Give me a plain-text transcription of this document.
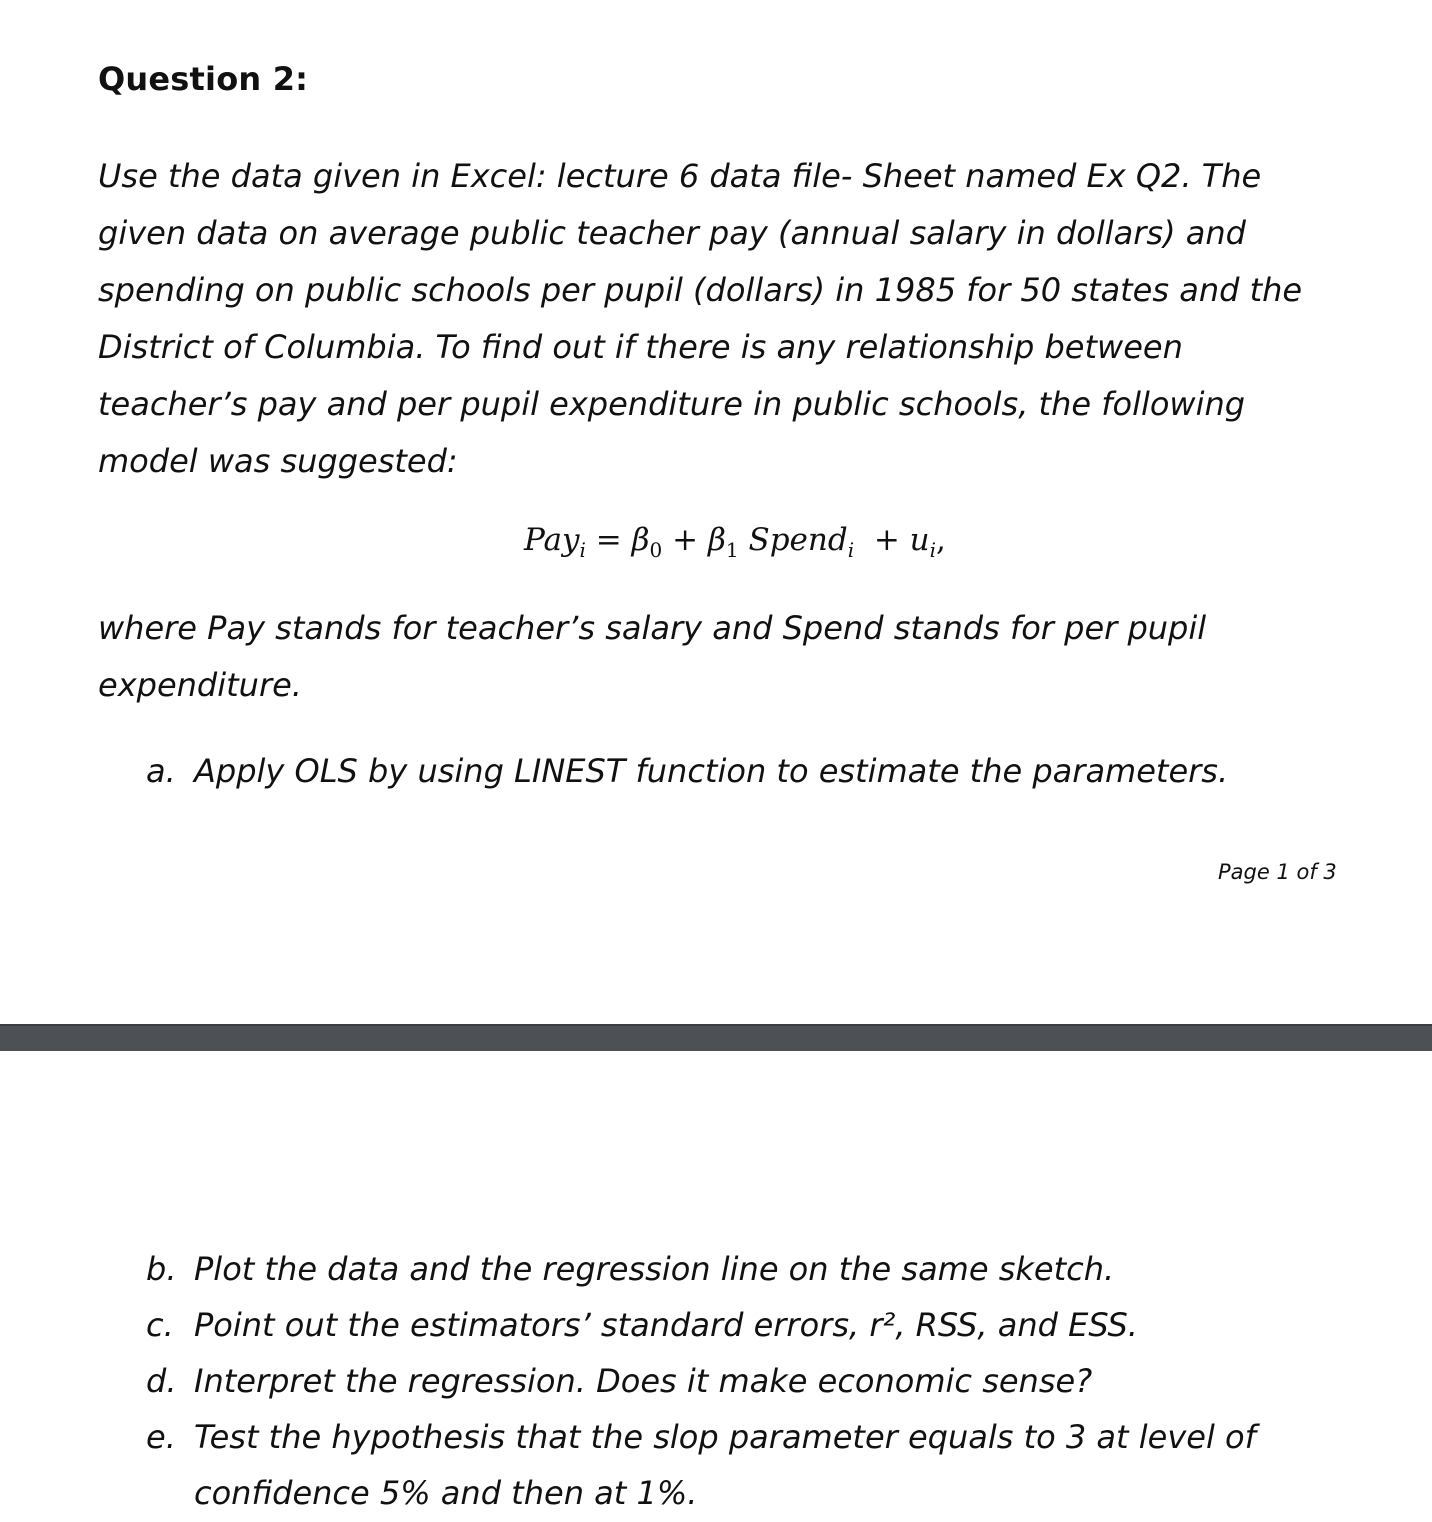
Question 2:
Use the data given in Excel: lecture 6 data file- Sheet named Ex Q2. The
given data on average public teacher pay (annual salary in dollars) and
spending on public schools per pupil (dollars) in 1985 for 50 states and the
District of Columbia. To find out if there is any relationship between
teacher’s pay and per pupil expenditure in public schools, the following
model was suggested:
$Pay_i = \beta_0 + \beta_1$ Spend$_i$ + $u_i$,
where Pay stands for teacher’s salary and Spend stands for per pupil
expenditure.
a. Apply OLS by using LINEST function to estimate the parameters.
Page 1 of 3
b. Plot the data and the regression line on the same sketch.
c. Point out the estimators’ standard errors, r², RSS, and ESS.
d. Interpret the regression. Does it make economic sense?
e. Test the hypothesis that the slop parameter equals to 3 at level of
confidence 5% and then at 1%.
